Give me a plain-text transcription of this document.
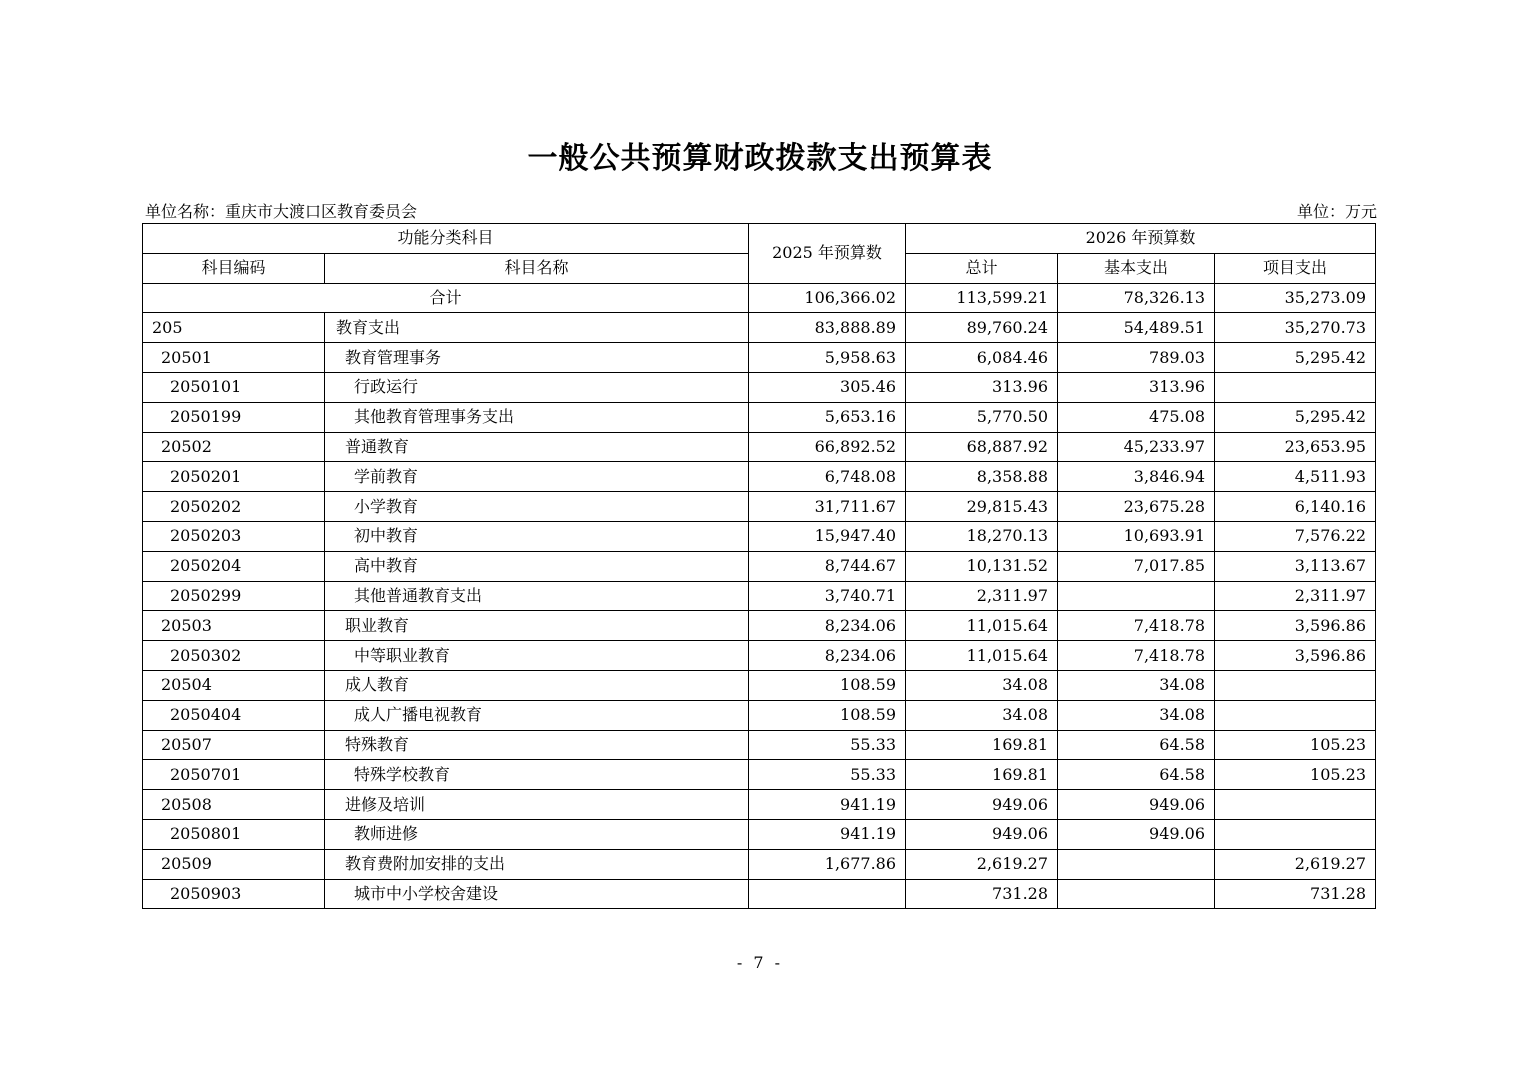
一般公共预算财政拨款支出预算表
单位名称：重庆市大渡口区教育委员会	单位：万元
功能分类科目		2025 年预算数	2026 年预算数		
科目编码	科目名称		总计	基本支出	项目支出
合计		106,366.02	113,599.21	78,326.13	35,273.09
205	教育支出	83,888.89	89,760.24	54,489.51	35,270.73
20501	教育管理事务	5,958.63	6,084.46	789.03	5,295.42
2050101	行政运行	305.46	313.96	313.96	
2050199	其他教育管理事务支出	5,653.16	5,770.50	475.08	5,295.42
20502	普通教育	66,892.52	68,887.92	45,233.97	23,653.95
2050201	学前教育	6,748.08	8,358.88	3,846.94	4,511.93
2050202	小学教育	31,711.67	29,815.43	23,675.28	6,140.16
2050203	初中教育	15,947.40	18,270.13	10,693.91	7,576.22
2050204	高中教育	8,744.67	10,131.52	7,017.85	3,113.67
2050299	其他普通教育支出	3,740.71	2,311.97		2,311.97
20503	职业教育	8,234.06	11,015.64	7,418.78	3,596.86
2050302	中等职业教育	8,234.06	11,015.64	7,418.78	3,596.86
20504	成人教育	108.59	34.08	34.08	
2050404	成人广播电视教育	108.59	34.08	34.08	
20507	特殊教育	55.33	169.81	64.58	105.23
2050701	特殊学校教育	55.33	169.81	64.58	105.23
20508	进修及培训	941.19	949.06	949.06	
2050801	教师进修	941.19	949.06	949.06	
20509	教育费附加安排的支出	1,677.86	2,619.27		2,619.27
2050903	城市中小学校舍建设		731.28		731.28
- 7 -
